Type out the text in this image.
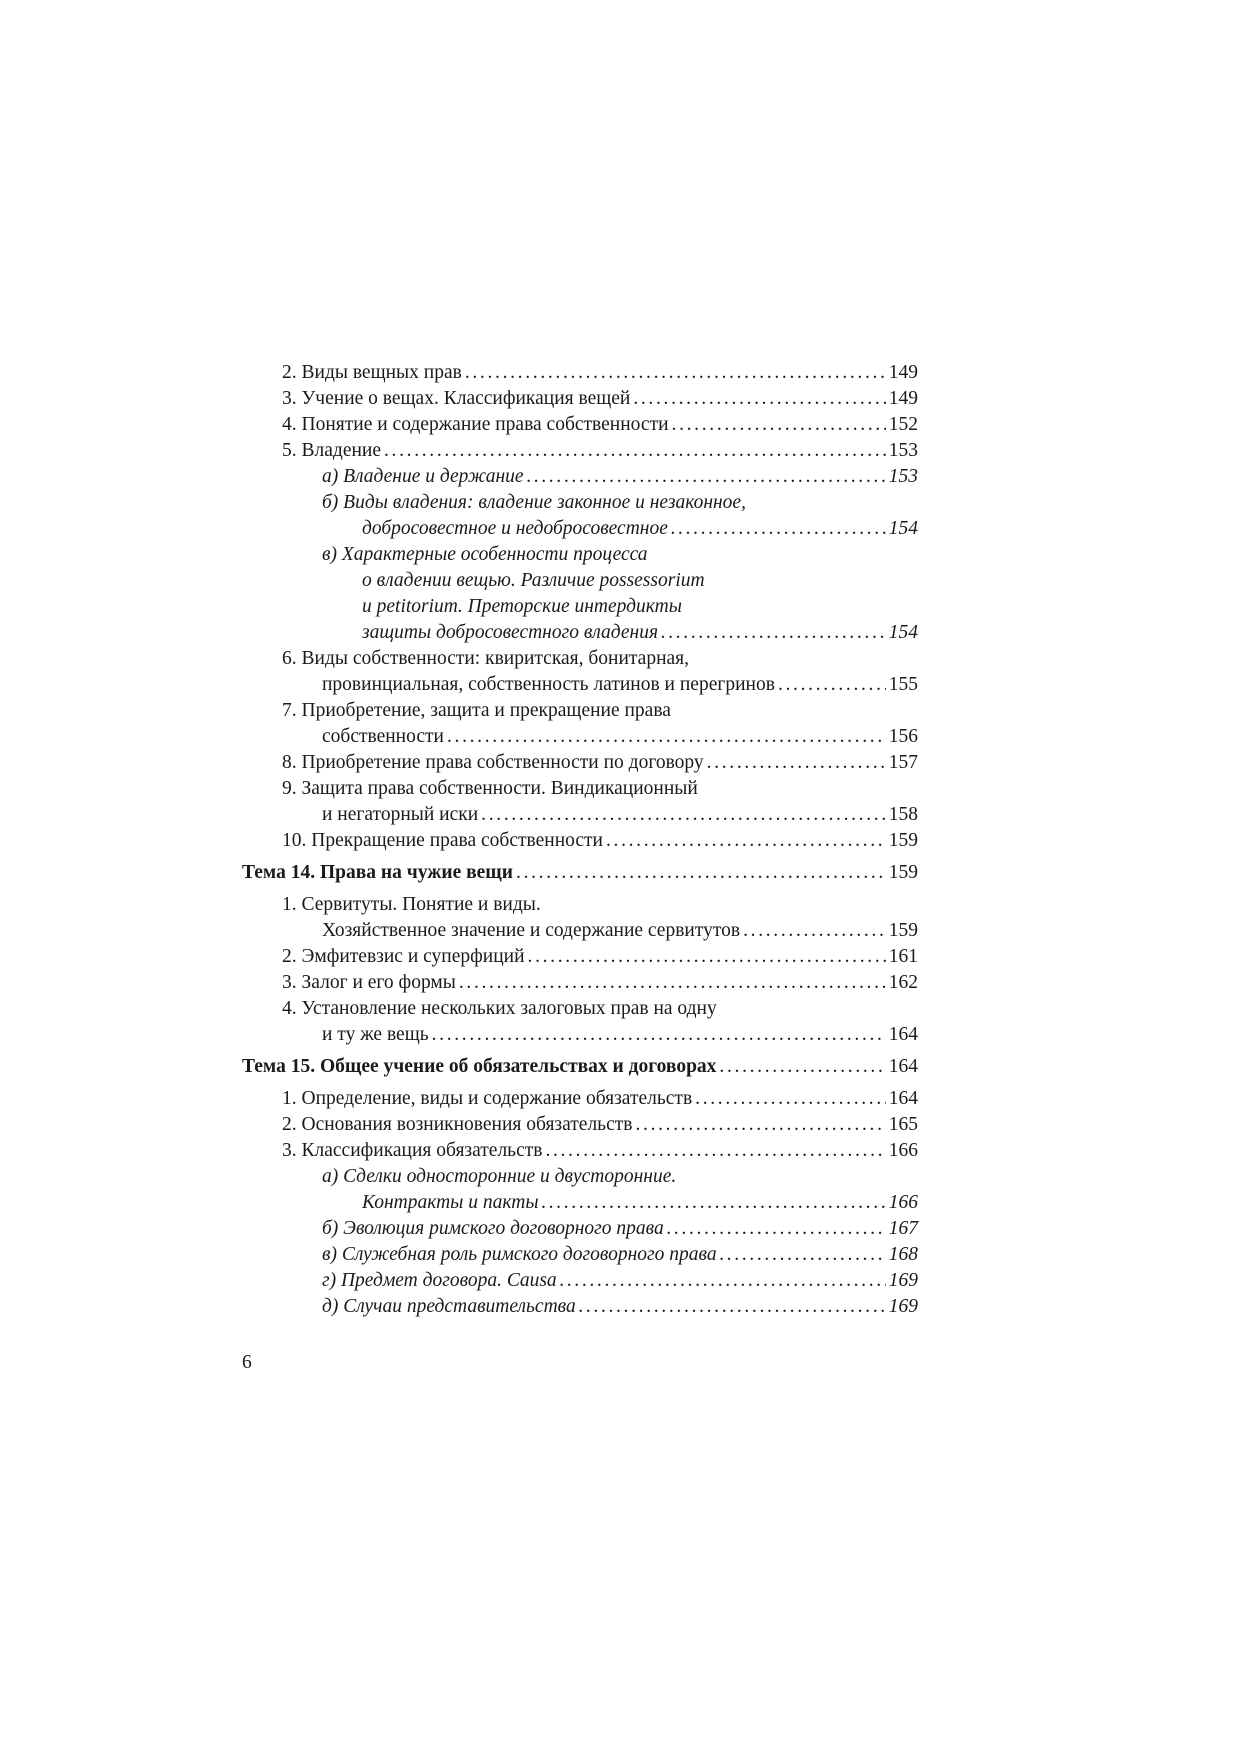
2. Виды вещных прав . . .	149
3. Учение о вещах. Классификация вещей . . .	149
4. Понятие и содержание права собственности . . .	152
5. Владение . . .	153
а) Владение и держание . . .	153
б) Виды владения: владение законное и незаконное,
добросовестное и недобросовестное . . .	154
в) Характерные особенности процесса
о владении вещью. Различие possessorium
и petitorium. Преторские интердикты
защиты добросовестного владения . . .	154
6. Виды собственности: квиритская, бонитарная,
провинциальная, собственность латинов и перегринов . . .	155
7. Приобретение, защита и прекращение права
собственности . . .	156
8. Приобретение права собственности по договору . . .	157
9. Защита права собственности. Виндикационный
и негаторный иски . . .	158
10. Прекращение права собственности . . .	159
Тема 14. Права на чужие вещи . . .	159
1. Сервитуты. Понятие и виды.
Хозяйственное значение и содержание сервитутов . . .	159
2. Эмфитевзис и суперфиций . . .	161
3. Залог и его формы . . .	162
4. Установление нескольких залоговых прав на одну
и ту же вещь . . .	164
Тема 15. Общее учение об обязательствах и договорах . . .	164
1. Определение, виды и содержание обязательств . . .	164
2. Основания возникновения обязательств . . .	165
3. Классификация обязательств . . .	166
а) Сделки односторонние и двусторонние.
Контракты и пакты . . .	166
б) Эволюция римского договорного права . . .	167
в) Служебная роль римского договорного права . . .	168
г) Предмет договора. Causa . . .	169
д) Случаи представительства . . .	169
6
